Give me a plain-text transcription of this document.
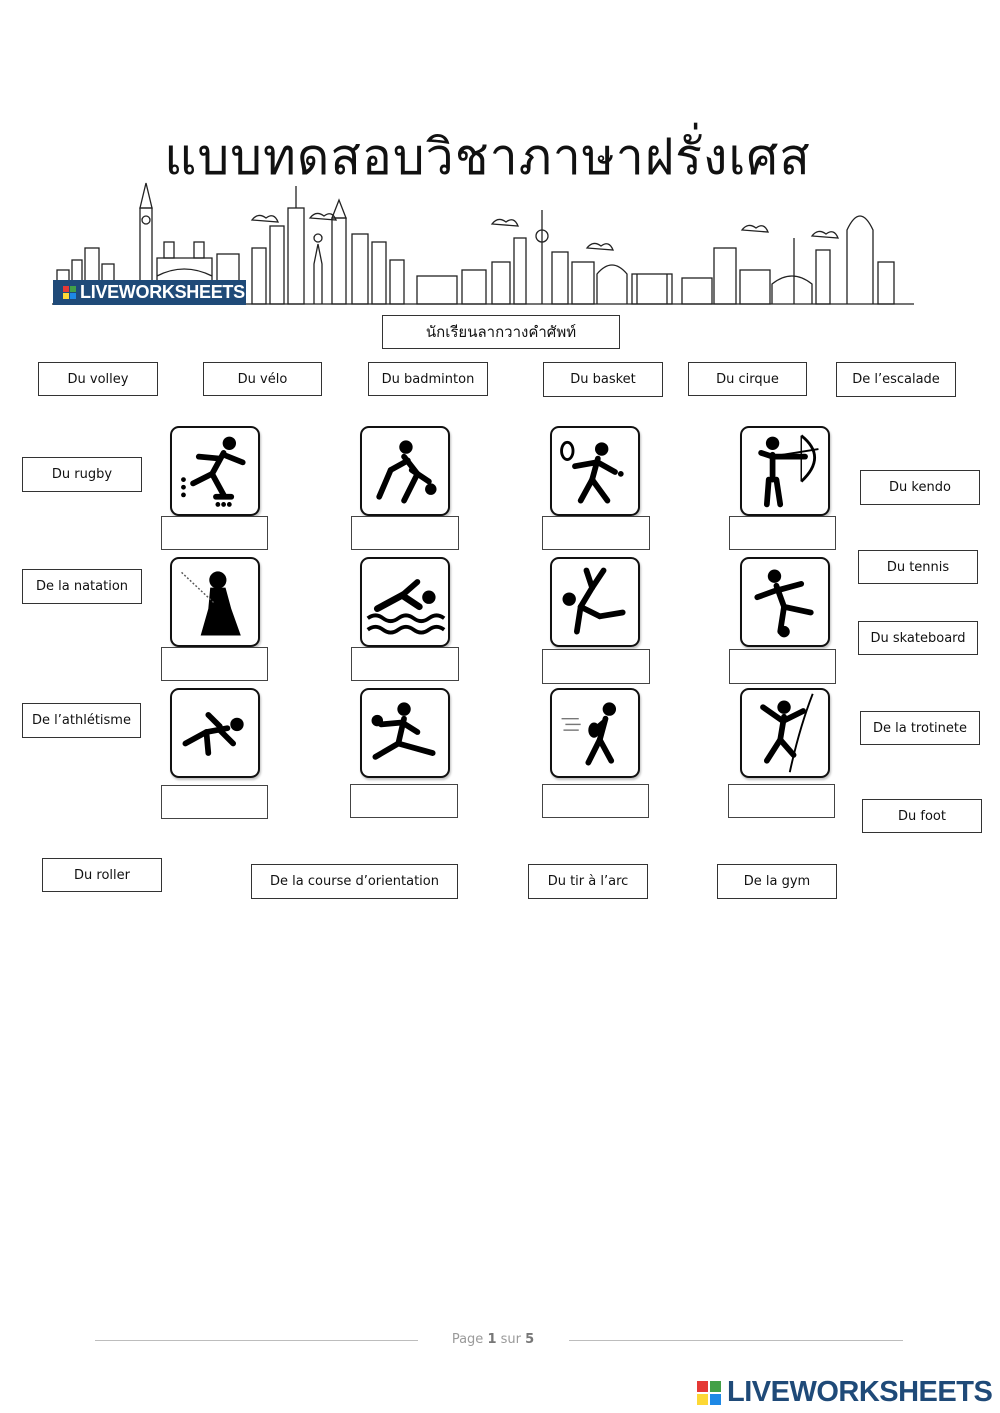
แบบทดสอบวิชาภาษาฝรั่งเศส
LIVEWORKSHEETS
นักเรียนลากวางคำศัพท์
Du volley	Du vélo	Du badminton	Du basket	Du cirque	De l’escalade
Du rugby
Du kendo
Du tennis
De la natation
Du skateboard
De l’athlétisme	De la trotinete
Du foot
Du roller	De la course d’orientation	Du tir à l’arc	De la gym
Page 1 sur 5
LIVEWORKSHEETS
